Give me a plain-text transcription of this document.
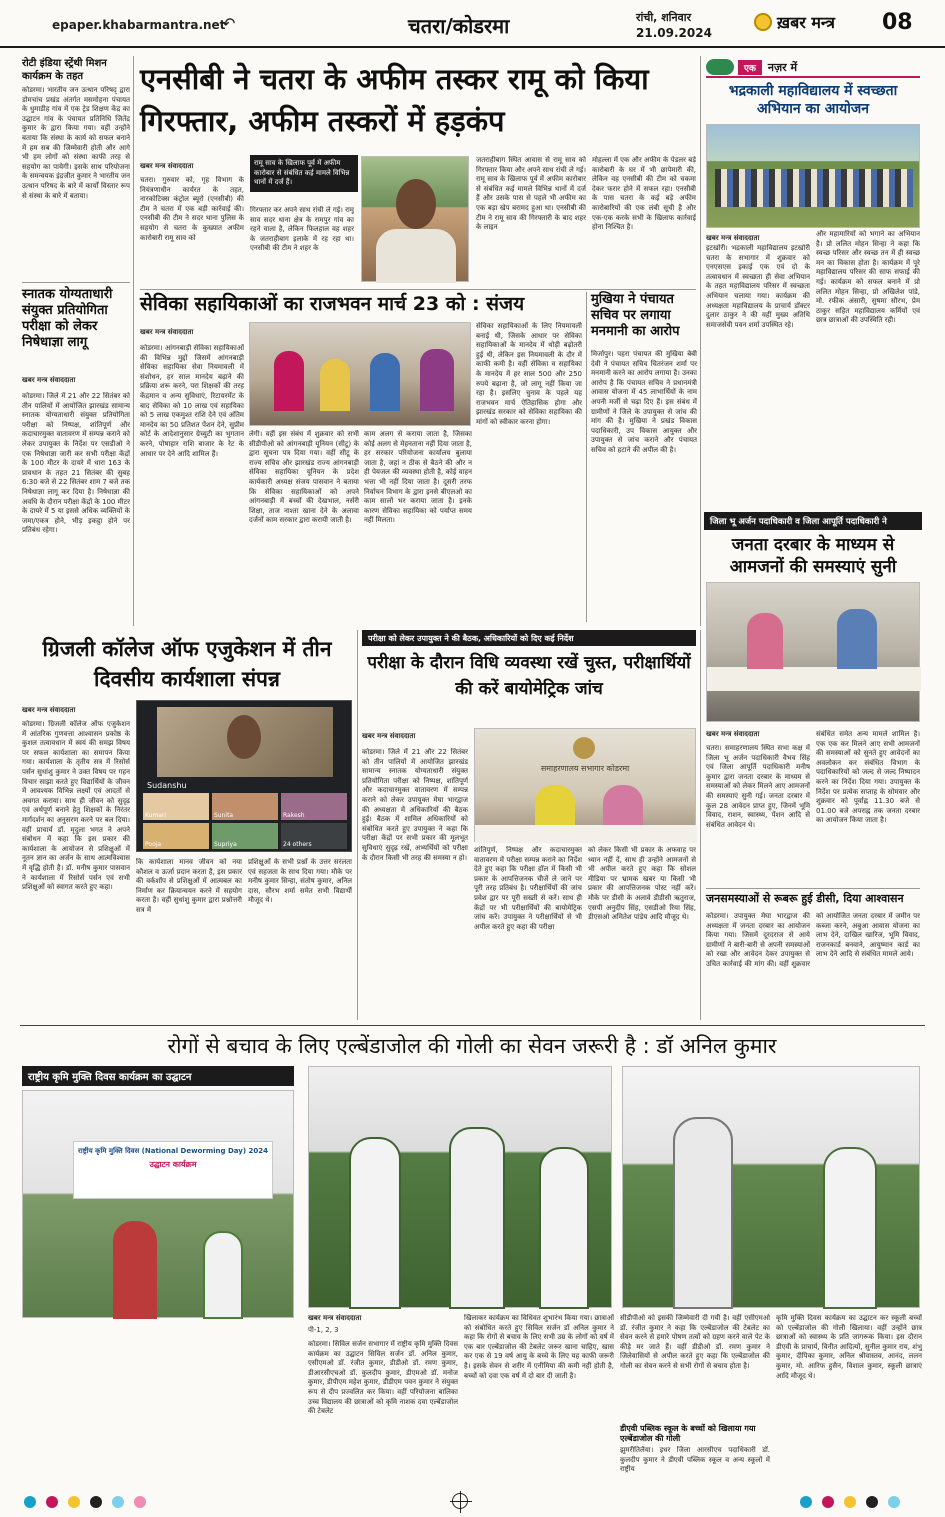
epaper.khabarmantra.net
↶	चतरा/कोडरमा	रांची, शनिवार
21.09.2024
ख़बर मन्त्र 08
रोटी इंडिया स्ट्रेंथी मिशन कार्यक्रम के तहत
कोडरमा। भारतीय जन उत्थान परिषद् द्वारा डोमचांच प्रखंड अंतर्गत मसमोहना पंचायत के धुमाडीह गांव में एक ट्रेड शिक्षण केंद्र का उद्घाटन गांव के पंचायत प्रतिनिधि जितेंद्र कुमार के द्वारा किया गया। वहीं उन्होंने बताया कि संस्था के कार्य को सफल बनाने में हम सब की जिम्मेवारी होती और आगे भी हम लोगों को संस्था काफी तरह से सहयोग का पायेगी। इसके साथ परियोजना के समन्वयक इंद्रजीत कुमार ने भारतीय जन उत्थान परिषद के बारे में कार्यों विस्तार रूप से संस्था के बारे में बताया।
स्नातक योग्यताधारी संयुक्त प्रतियोगिता परीक्षा को लेकर निषेधाज्ञा लागू
खबर मन्त्र संवाददाता
कोडरमा। जिले में 21 और 22 सितंबर को तीन पालियों में आयोजित झारखंड सामान्य स्नातक योग्यताधारी संयुक्त प्रतियोगिता परीक्षा को निष्पक्ष, शांतिपूर्ण और कदाचारमुक्त वातावरण में सम्पन्न कराने को लेकर उपायुक्त के निर्देश पर एसडीओ ने एक निषेधाज्ञा जारी कर सभी परीक्षा केंद्रों के 100 मीटर के दायरे में धारा 163 के प्रावधान के तहत 21 सितंबर की सुबह 6:30 बजे से 22 सितंबर शाम 7 बजे तक निषेधाज्ञा लागू कर दिया है। निषेधाज्ञा की अवधि के दौरान परीक्षा केंद्रों के 100 मीटर के दायरे में 5 या इससे अधिक व्यक्तियों के जमा/एकत्र होने, भीड़ इकट्ठा होने पर प्रतिबंध रहेगा।
एनसीबी ने चतरा के अफीम तस्कर रामू को किया गिरफ्तार, अफीम तस्करों में हड़कंप
खबर मन्त्र संवाददाता	रामू साव के खिलाफ पूर्व में अफीम कारोबार से संबंधित कई मामले विभिन्न थानों में दर्ज हैं।
चतरा। गुरुवार को, गृह विभाग के नियंत्रणाधीन कार्यरत के तहत, नारकोटिक्स कंट्रोल ब्यूरो (एनसीबी) की टीम ने चतरा में एक बड़ी कार्रवाई की। एनसीबी की टीम ने सदर थाना पुलिस के सहयोग से चतरा के कुख्यात अफीम कारोबारी रामू साव को
गिरफ्तार कर अपने साथ रांची ले गई। रामू साव सदर थाना क्षेत्र के रामपुर गांव का रहने वाला है, लेकिन फिलहाल वह शहर के जतराहीबाग इलाके में रह रहा था। एनसीबी की टीम ने शहर के
जतराहीबाग स्थित आवास से रामू साव को गिरफ्तार किया और अपने साथ रांची ले गई। रामू साव के खिलाफ पूर्व में अफीम कारोबार से संबंधित कई मामले विभिन्न थानों में दर्ज हैं और उसके पास से पहले भी अफीम का एक बड़ा खेप बरामद हुआ था। एनसीबी की टीम ने रामू साव की गिरफ्तारी के बाद शहर के लाइन
मोहल्ला में एक और अफीम के पेडलर बड़े कारोबारी के घर में भी छापेमारी की, लेकिन वह एनसीबी की टीम को चकमा देकर फरार होने में सफल रहा। एनसीबी के पास चतरा के कई बड़े अफीम कारोबारियों की एक लंबी सूची है और एक-एक करके सभी के खिलाफ कार्रवाई होना निश्चित है।
सेविका सहायिकाओं का राजभवन मार्च 23 को : संजय
खबर मन्त्र संवाददाता
कोडरमा। आंगनबाड़ी सेविका सहायिकाओं की विभिन्न मुद्दों जिसमें आंगनबाड़ी सेविका सहायिका सेवा नियमावली में संशोधन, हर साल मानदेय बढ़ाने की प्रक्रिया शरू करने, परा शिक्षकों की तरह केंद्रमान व अन्य सुविधाएं, रिटायरमेंट के बाद सेविका को 10 लाख एवं सहायिका को 5 लाख एकमुश्त राशि देने एवं अंतिम मानदेय का 50 प्रतिशत पेंशन देने, सुप्रीम कोर्ट के आदेशानुसार ग्रेच्युटी का भुगतान करने, पोषाहार राशि बाजार के रेट के आधार पर देने आदि शामिल हैं।
लेगी। वहीं इस संबंध में शुक्रवार को सभी सीडीपीओ को आंगनबाड़ी यूनियन (सीटू) के द्वारा सूचना पत्र दिया गया। वहीं सीटू के राज्य सचिव और झारखंड राज्य आंगनबाड़ी सेविका सहायिका यूनियन के प्रदेश कार्यकारी अध्यक्ष संजय पासवान ने बताया कि सेविका सहायिकाओं को अपने आंगनबाड़ी में बच्चों की देखभाल, नर्सरी शिक्षा, ताज नाश्ता खाना देने के अलावा दर्जनों काम सरकार द्वारा करायी जाती है।
काम अलग से कराया जाता है, जिसका कोई अलग से मेहनताना नहीं दिया जाता है, हर सरकार परियोजना कार्यालय बुलाया जाता है, जहां न ठीक से बैठने की और न ही पेयजल की व्यवस्था होती है, कोई वाहन भत्ता भी नहीं दिया जाता है। दूसरी तरफ निर्वाचन विभाग के द्वारा इनसे बीएलओ का काम सालों भर कराया जाता है। इनके कारण सेविका सहायिका को पर्याप्त समय नहीं मिलता।
सेविका सहायिकाओं के लिए नियमावली बनाई थी, जिसके आधार पर सेविका सहायिकाओं के मानदेय में थोड़ी बढ़ोतरी हुई थी, लेकिन इस नियमावली के दौर में काफी कमी है। वहीं सेविका व सहायिका के मानदेय में हर साल 500 और 250 रुपये बढ़ाना है, जो लागू नहीं किया जा रहा है। इसलिए चुनाव के पहले यह राजभवन मार्च ऐतिहासिक होगा और झारखंड सरकार को सेविका सहायिका की मांगों को स्वीकार करना होगा।
मुखिया ने पंचायत सचिव पर लगाया मनमानी का आरोप
मिर्जापुर। पहरा पंचायत की मुखिया बेबी देवी ने पंचायत सचिव चितरंजन शर्मा पर मनमानी करने का आरोप लगाया है। उनका आरोप है कि पंचायत सचिव ने प्रधानमंत्री आवास योजना में 45 लाभार्थियों के नाम अपनी मर्जी से चढ़ा दिए हैं। इस संबंध में ग्रामीणों ने जिले के उपायुक्त से जांच की मांग की है। मुखिया ने प्रखंड विकास पदाधिकारी, उप विकास आयुक्त और उपायुक्त से जांच कराने और पंचायत सचिव को हटाने की अपील की है।
एक	नज़र में
भद्रकाली महाविद्यालय में स्वच्छता अभियान का आयोजन
खबर मन्त्र संवाददाता
इटखोरी। भद्रकाली महाविद्यालय इटखोरी चतरा के सभागार में शुक्रवार को एनएसएस इकाई एक एवं दो के तत्वावधान में स्वच्छता ही सेवा अभियान के तहत महाविद्यालय परिसर में स्वच्छता अभियान चलाया गया। कार्यक्रम की अध्यक्षता महाविद्यालय के प्राचार्य डॉक्टर दुलार ठाकुर ने की वहीं मुख्य अतिथि समाजसेवी पवन शर्मा उपस्थित रहे।
और महामारियों को भगाने का अभियान है। प्रो ललित मोहन सिन्हा ने कहा कि स्वच्छ परिसर और स्वच्छ तन में ही स्वच्छ मन का विकास होता है। कार्यक्रम में पूरे महाविद्यालय परिसर की साफ सफाई की गई। कार्यक्रम को सफल बनाने में प्रो ललित मोहन सिन्हा, प्रो अखिलेश पांडे, मो. रफीक अंसारी, सुषमा सौरभ, प्रेम ठाकुर सहित महाविद्यालय कर्मियों एवं छात्र छात्राओं की उपस्थिति रही।
जिला भू अर्जन पदाधिकारी व जिला आपूर्ति पदाधिकारी ने
जनता दरबार के माध्यम से आमजनों की समस्याएं सुनी
खबर मन्त्र संवाददाता
चतरा। समाहरणालय स्थित सभा कक्ष में जिला भू अर्जन पदाधिकारी वैभव सिंह एवं जिला आपूर्ति पदाधिकारी मनीष कुमार द्वारा जनता दरबार के माध्यम से समस्याओं को लेकर मिलने आए आमजनों की समस्याएं सुनी गई। जनता दरबार में कुल 28 आवेदन प्राप्त हुए, जिनमें भूमि विवाद, राशन, स्वास्थ्य, पेंशन आदि से संबंधित आवेदन थे।
संबंधित समेत अन्य मामले शामिल है। एक एक कर मिलने आए सभी आमजनों की समस्याओं को सुनते हुए आवेदनों का अवलोकन कर संबंधित विभाग के पदाधिकारियों को जल्द से जल्द निष्पादन करने का निर्देश दिया गया। उपायुक्त के निर्देश पर प्रत्येक सप्ताह के सोमवार और शुक्रवार को पूर्वाह्न 11.30 बजे से 01.00 बजे अपराह्न तक जनता दरबार का आयोजन किया जाता है।
जनसमस्याओं से रूबरू हुई डीसी, दिया आश्वासन
कोडरमा। उपायुक्त मेघा भारद्वाज की अध्यक्षता में जनता दरबार का आयोजन किया गया। जिसमें दूरदराज से आये ग्रामीणों ने बारी-बारी से अपनी समस्याओं को रखा और आवेदन देकर उपायुक्त से उचित कार्रवाई की मांग की। वहीं शुक्रवार को आयोजित जनता दरबार में जमीन पर कब्जा करने, अबुआ आवास योजना का लाभ देने, दाखिल खारिज, भूमि विवाद, राजनकार्ड बनवाने, आयुष्मान कार्ड का लाभ देने आदि से संबंधित मामले आये।
ग्रिजली कॉलेज ऑफ एजुकेशन में तीन दिवसीय कार्यशाला संपन्न
खबर मन्त्र संवाददाता
कोडरमा। ग्रिजली कॉलेज ऑफ एजुकेशन में आंतरिक गुणवत्ता आश्वासन प्रकोष्ठ के कुशल तत्वावधान में स्वयं की समझ विषय पर सफल कार्यशाला का समापन किया गया। कार्यशाला के तृतीय सत्र में रिसोर्स पर्सन सुधांशु कुमार ने उक्त विषय पर गहन विचार साझा करते हुए विद्यार्थियों के जीवन में आवश्यक विभिन्न लक्ष्यों एवं आदतों से अवगत कराया। साथ ही जीवन को सुदृढ़ एवं अर्थपूर्ण बनाने हेतु शिक्षकों के निरंतर मार्गदर्शन का अनुसरण करने पर बल दिया। वहीं प्राचार्य डॉ. मृदुला भगत ने अपने संबोधन में कहा कि इस प्रकार की कार्यशाला के आयोजन से प्रशिक्षुओं में नूतन ज्ञान का अर्जन के साथ आत्मविश्वास में वृद्धि होती है। डॉ. मनीष कुमार पासवान ने कार्यशाला में रिसोर्स पर्सन एवं सभी प्रशिक्षुओं को स्वागत करते हुए कहा।
Sudanshu
Kumari	Sunita	Rakesh
Pooja	Supriya	24 others
कि कार्यशाला मानव जीवन को नया कौशल व ऊर्जा प्रदान करता है, इस प्रकार की वर्कशॉप से प्रशिक्षुओं में आत्मबल का निर्माण कर क्रियान्वयन करने में सहयोग करता है। वहीं सुधांशु कुमार द्वारा प्रश्नोत्तरी सत्र में
प्रशिक्षुओं के सभी प्रश्नों के उत्तर सरलता एवं सहजता के साथ दिया गया। मौके पर मनीष कुमार सिन्हा, संतोष कुमार, अनिल दास, सौरभ शर्मा समेत सभी विद्यार्थी मौजूद थे।
परीक्षा को लेकर उपायुक्त ने की बैठक, अधिकारियों को दिए कई निर्देश
परीक्षा के दौरान विधि व्यवस्था रखें चुस्त, परीक्षार्थियों की करें बायोमेट्रिक जांच
खबर मन्त्र संवाददाता
कोडरमा। जिले में 21 और 22 सितंबर को तीन पालियों में आयोजित झारखंड सामान्य स्नातक योग्यताधारी संयुक्त प्रतियोगिता परीक्षा को निष्पक्ष, शांतिपूर्ण और कदाचारमुक्त वातावरण में सम्पन्न कराने को लेकर उपायुक्त मेघा भारद्वाज की अध्यक्षता में अधिकारियों की बैठक हुई। बैठक में शामिल अधिकारियों को संबोधित करते हुए उपायुक्त ने कहा कि परीक्षा केंद्रों पर सभी प्रकार की मूलभूत सुविधाएं सुदृढ़ रखें, अभ्यर्थियों को परीक्षा के दौरान किसी भी तरह की समस्या न हो।
समाहरणालय सभागार कोडरमा
शांतिपूर्ण, निष्पक्ष और कदाचारमुक्त वातावरण में परीक्षा सम्पन्न कराने का निर्देश देते हुए कहा कि परीक्षा हॉल में किसी भी प्रकार के आपत्तिजनक चीजें ले जाने पर पूरी तरह प्रतिबंध है। परीक्षार्थियों की जांच प्रवेश द्वार पर पूरी सख्ती से करें। साथ ही केंद्रों पर भी परीक्षार्थियों की बायोमेट्रिक जांच करें। उपायुक्त ने परीक्षार्थियों से भी अपील करते हुए कहा की परीक्षा
को लेकर किसी भी प्रकार के अफवाह पर ध्यान नहीं दें, साथ ही उन्होंने आमजनों से भी अपील करते हुए कहा कि सोशल मीडिया पर भ्रामक खबर या किसी भी प्रकार की आपत्तिजनक पोस्ट नहीं करें। मौके पर डीसी के अलावे डीडीसी ऋतुराज, एसपी अनुदीप सिंह, एसडीओ रिया सिंह, डीएसओ अमितेश पांडेय आदि मौजूद थे।
रोगों से बचाव के लिए एल्बेंडाजोल की गोली का सेवन जरूरी है : डॉ अनिल कुमार
राष्ट्रीय कृमि मुक्ति दिवस कार्यक्रम का उद्घाटन
राष्ट्रीय कृमि मुक्ति दिवस (National Deworming Day) 2024
उद्घाटन कार्यक्रम
खबर मन्त्र संवाददाता
पी-1, 2, 3
कोडरमा। सिविल सर्जन सभागार में राष्ट्रीय कृमि मुक्ति दिवस कार्यक्रम का उद्घाटन सिविल सर्जन डॉ. अनिल कुमार, एसीएमओ डॉ. रंजीत कुमार, डीडीओ डॉ. रमण कुमार, डीआरसीएचओ डॉ. कुलदीप कुमार, डीएमओ डॉ. मनोज कुमार, डीपीएम महेश कुमार, डीडीएम पवन कुमार ने संयुक्त रूप से दीप प्रज्वलित कर किया। वहीं परियोजना बालिका उच्च विद्यालय की छात्राओं को कृमि नाशक दवा एल्बेंडाजोल की टेबलेट
खिलाकर कार्यक्रम का विधिवत शुभारंभ किया गया। छात्राओं को संबोधित करते हुए सिविल सर्जन डॉ अनिल कुमार ने कहा कि रोगों से बचाव के लिए सभी उम्र के लोगों को वर्ष में एक बार एल्बेंडाजोल की टेबलेट जरूर खाना चाहिए, खास कर एक से 19 वर्ष आयु के बच्चे के लिए यह काफी जरूरी है। इसके सेवन से शरीर में एनीमिया की कमी नहीं होती है, बच्चों को दवा एक वर्ष में दो बार दी जाती है।
सीडीपीओ को इसकी जिम्मेवारी दी गयी है। वहीं एसीएमओ डॉ. रंजीत कुमार ने कहा कि एल्बेंडाजोल की टेबलेट का सेवन करने से हमारे पोषण तत्वों को ग्रहण करने वाले पेट के कीड़े मर जाते हैं। वहीं डीडीओ डॉ. रमण कुमार ने जिलेवासियों से अपील करते हुए कहा कि एल्बेंडाजोल की गोली का सेवन करने से सभी रोगों से बचाव होता है।
डीएवी पब्लिक स्कूल के बच्चों को खिलाया गया एल्बेंडाजोल की गोली
झुमरीतिलैया। इधर जिला आरसीएच पदाधिकारी डॉ. कुलदीप कुमार ने डीएवी पब्लिक स्कूल व अन्य स्कूलों में राष्ट्रीय
कृमि मुक्ति दिवस कार्यक्रम का उद्घाटन कर स्कूली बच्चों को एल्बेंडाजोल की गोली खिलाया। वहीं उन्होंने छात्र छात्राओं को स्वास्थ्य के प्रति जागरूक किया। इस दौरान डीएवी के प्राचार्य, विनीत आदित्यों, सुनील कुमार राय, शंभु कुमार, दीपिका कुमार, अनिल श्रीवास्तव, आनंद, ललन कुमार, मो. आरिफ हुसैन, विशाल कुमार, स्कूली छात्राएं आदि मौजूद थे।
